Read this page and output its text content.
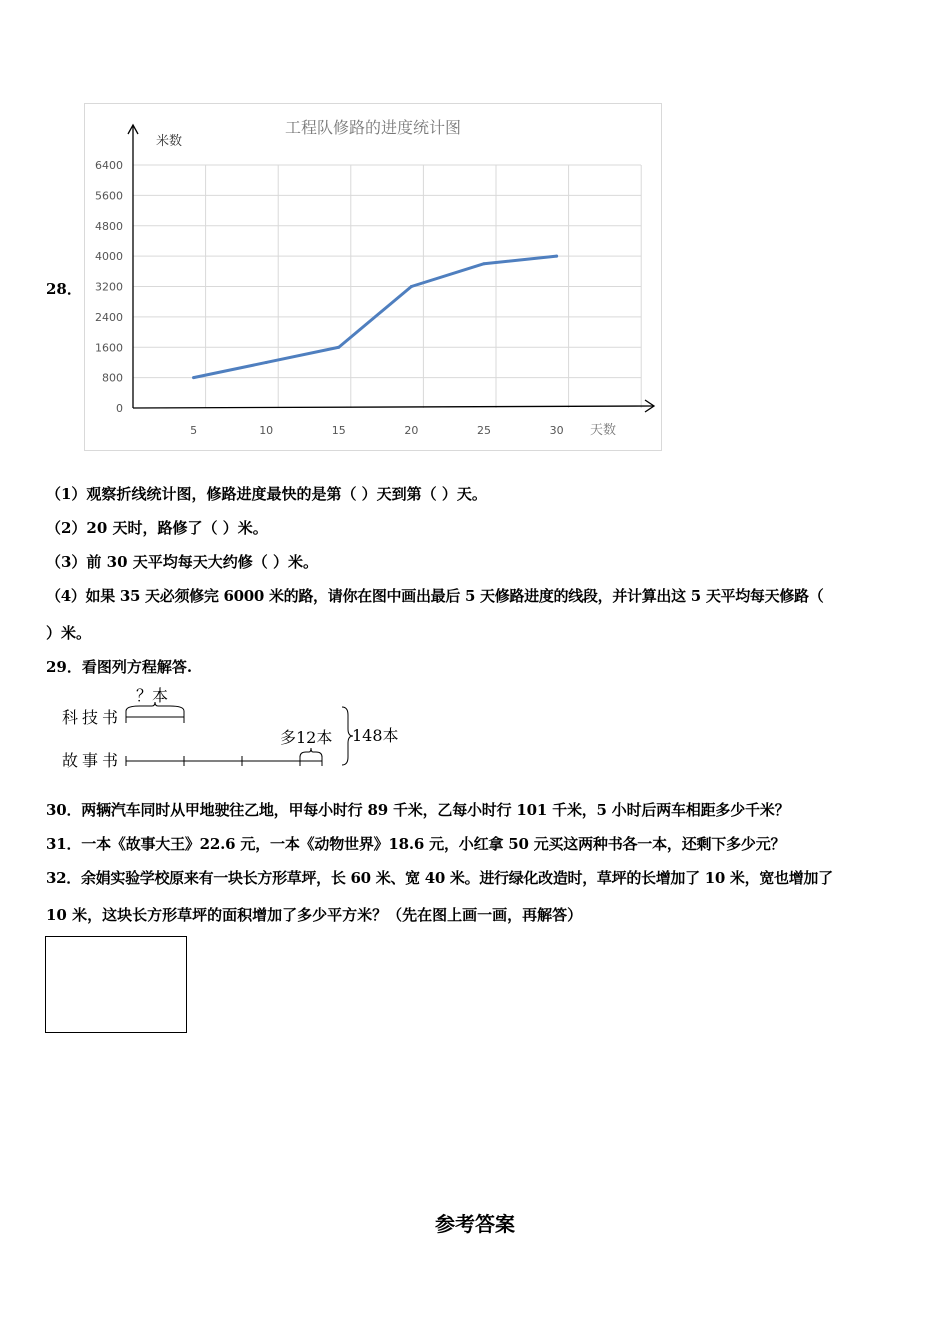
28．
工程队修路的进度统计图
米数
天数
0
800
1600
2400
3200
4000
4800
5600
6400
5	10	15	20	25	30
（1）观察折线统计图，修路进度最快的是第（ ）天到第（ ）天。
（2）20 天时，路修了（ ）米。
（3）前 30 天平均每天大约修（ ）米。
（4）如果 35 天必须修完 6000 米的路，请你在图中画出最后 5 天修路进度的线段，并计算出这 5 天平均每天修路（
）米。
29．看图列方程解答.
科技书
故事书
？本
多12本 148本
30．两辆汽车同时从甲地驶往乙地，甲每小时行 89 千米，乙每小时行 101 千米，5 小时后两车相距多少千米？
31．一本《故事大王》22.6 元，一本《动物世界》18.6 元，小红拿 50 元买这两种书各一本，还剩下多少元？
32．余娟实验学校原来有一块长方形草坪，长 60 米、宽 40 米。进行绿化改造时，草坪的长增加了 10 米，宽也增加了
10 米，这块长方形草坪的面积增加了多少平方米？（先在图上画一画，再解答）
参考答案
